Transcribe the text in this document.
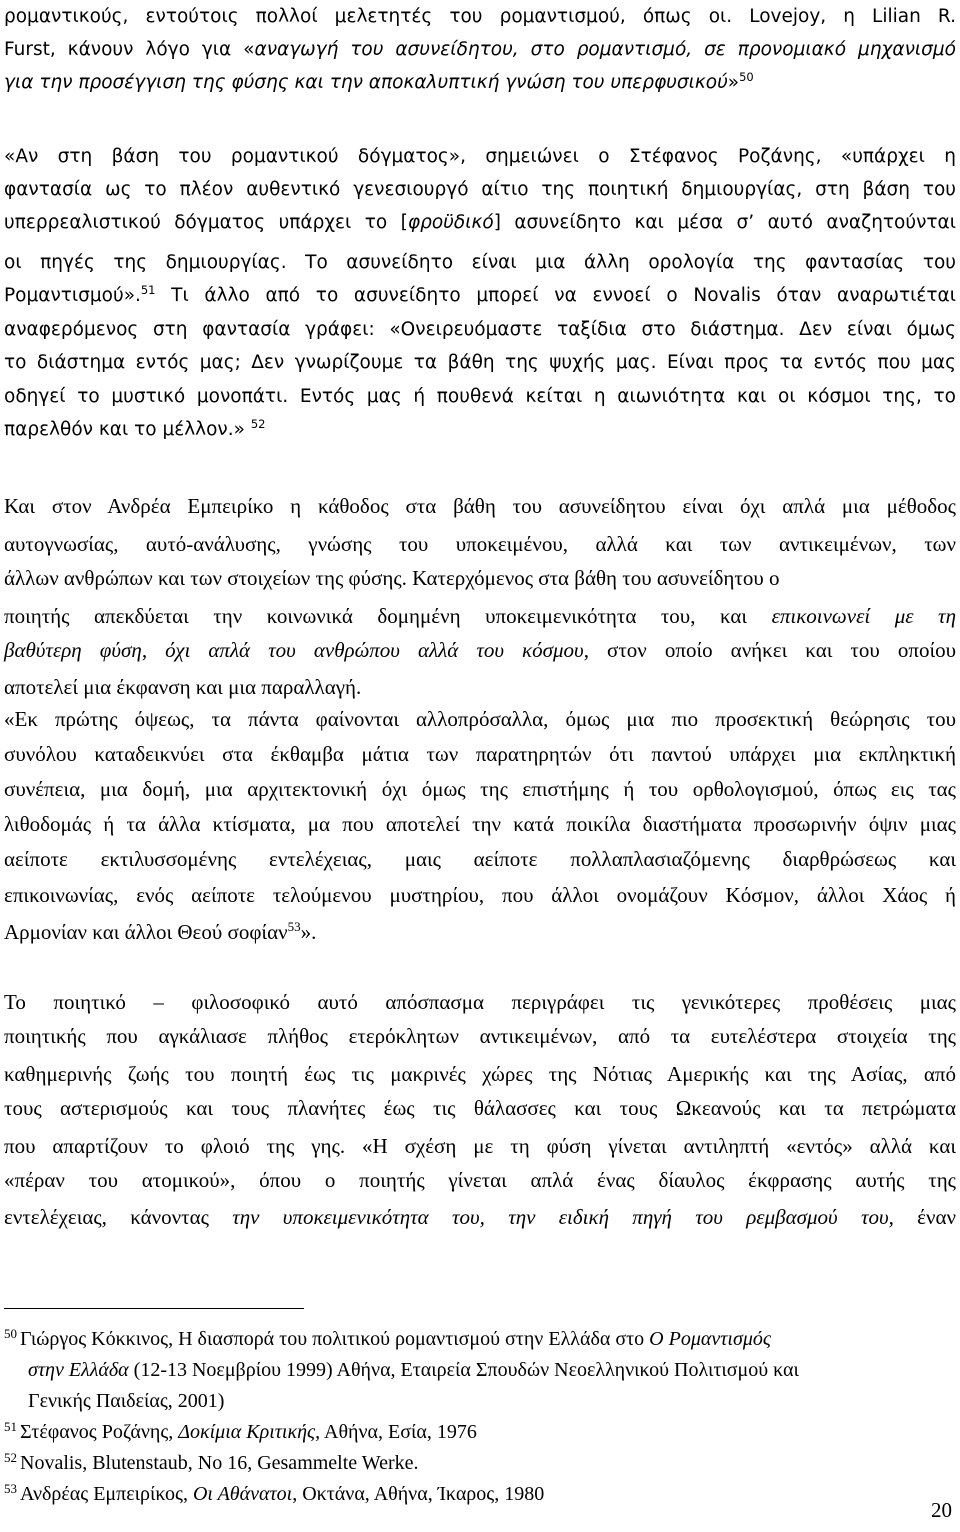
ρομαντικούς, εντούτοις πολλοί μελετητές του ρομαντισμού, όπως οι. Lovejoy, η Lilian R.
Furst, κάνουν λόγο για «αναγωγή του ασυνείδητου, στο ρομαντισμό, σε προνομιακό μηχανισμό
για την προσέγγιση της φύσης και την αποκαλυπτική γνώση του υπερφυσικού»$^{50}$
«Αν στη βάση του ρομαντικού δόγματος», σημειώνει ο Στέφανος Ροζάνης, «υπάρχει η
φαντασία ως το πλέον αυθεντικό γενεσιουργό αίτιο της ποιητική δημιουργίας, στη βάση του
υπερρεαλιστικού δόγματος υπάρχει το [φροϋδικό] ασυνείδητο και μέσα σ’ αυτό αναζητούνται
οι πηγές της δημιουργίας. Το ασυνείδητο είναι μια άλλη ορολογία της φαντασίας του
Ρομαντισμού».$^{51}$ Τι άλλο από το ασυνείδητο μπορεί να εννοεί ο Novalis όταν αναρωτιέται
αναφερόμενος στη φαντασία γράφει: «Ονειρευόμαστε ταξίδια στο διάστημα. Δεν είναι όμως
το διάστημα εντός μας; Δεν γνωρίζουμε τα βάθη της ψυχής μας. Είναι προς τα εντός που μας
οδηγεί το μυστικό μονοπάτι. Εντός μας ή πουθενά κείται η αιωνιότητα και οι κόσμοι της, το
παρελθόν και το μέλλον.» $^{52}$
Και στον Ανδρέα Εμπειρίκο η κάθοδος στα βάθη του ασυνείδητου είναι όχι απλά μια μέθοδος
αυτογνωσίας, αυτό-ανάλυσης, γνώσης του υποκειμένου, αλλά και των αντικειμένων, των
άλλων ανθρώπων και των στοιχείων της φύσης. Κατερχόμενος στα βάθη του ασυνείδητου ο
ποιητής απεκδύεται την κοινωνικά δομημένη υποκειμενικότητα του, και επικοινωνεί με τη
βαθύτερη φύση, όχι απλά του ανθρώπου αλλά του κόσμου, στον οποίο ανήκει και του οποίου
αποτελεί μια έκφανση και μια παραλλαγή.
«Εκ πρώτης όψεως, τα πάντα φαίνονται αλλοπρόσαλλα, όμως μια πιο προσεκτική θεώρησις του
συνόλου καταδεικνύει στα έκθαμβα μάτια των παρατηρητών ότι παντού υπάρχει μια εκπληκτική
συνέπεια, μια δομή, μια αρχιτεκτονική όχι όμως της επιστήμης ή του ορθολογισμού, όπως εις τας
λιθοδομάς ή τα άλλα κτίσματα, μα που αποτελεί την κατά ποικίλα διαστήματα προσωρινήν όψιν μιας
αείποτε εκτιλυσσομένης εντελέχειας, μαις αείποτε πολλαπλασιαζόμενης διαρθρώσεως και
επικοινωνίας, ενός αείποτε τελούμενου μυστηρίου, που άλλοι ονομάζουν Κόσμον, άλλοι Χάος ή
Αρμονίαν και άλλοι Θεού σοφίαν$^{53}$».
Το ποιητικό – φιλοσοφικό αυτό απόσπασμα περιγράφει τις γενικότερες προθέσεις μιας
ποιητικής που αγκάλιασε πλήθος ετερόκλητων αντικειμένων, από τα ευτελέστερα στοιχεία της
καθημερινής ζωής του ποιητή έως τις μακρινές χώρες της Νότιας Αμερικής και της Ασίας, από
τους αστερισμούς και τους πλανήτες έως τις θάλασσες και τους Ωκεανούς και τα πετρώματα
που απαρτίζουν το φλοιό της γης. «Η σχέση με τη φύση γίνεται αντιληπτή «εντός» αλλά και
«πέραν του ατομικού», όπου ο ποιητής γίνεται απλά ένας δίαυλος έκφρασης αυτής της
εντελέχειας, κάνοντας την υποκειμενικότητα του, την ειδική πηγή του ρεμβασμού του, έναν
$^{50}$ Γιώργος Κόκκινος, Η διασπορά του πολιτικού ρομαντισμού στην Ελλάδα στο Ο Ρομαντισμός
στην Ελλάδα (12-13 Νοεμβρίου 1999) Αθήνα, Εταιρεία Σπουδών Νεοελληνικού Πολιτισμού και
Γενικής Παιδείας, 2001)
$^{51}$ Στέφανος Ροζάνης, Δοκίμια Κριτικής, Αθήνα, Εσία, 1976
$^{52}$ Novalis, Blutenstaub, No 16, Gesammelte Werke.
$^{53}$ Ανδρέας Εμπειρίκος, Οι Αθάνατοι, Οκτάνα, Αθήνα, Ίκαρος, 1980
20
